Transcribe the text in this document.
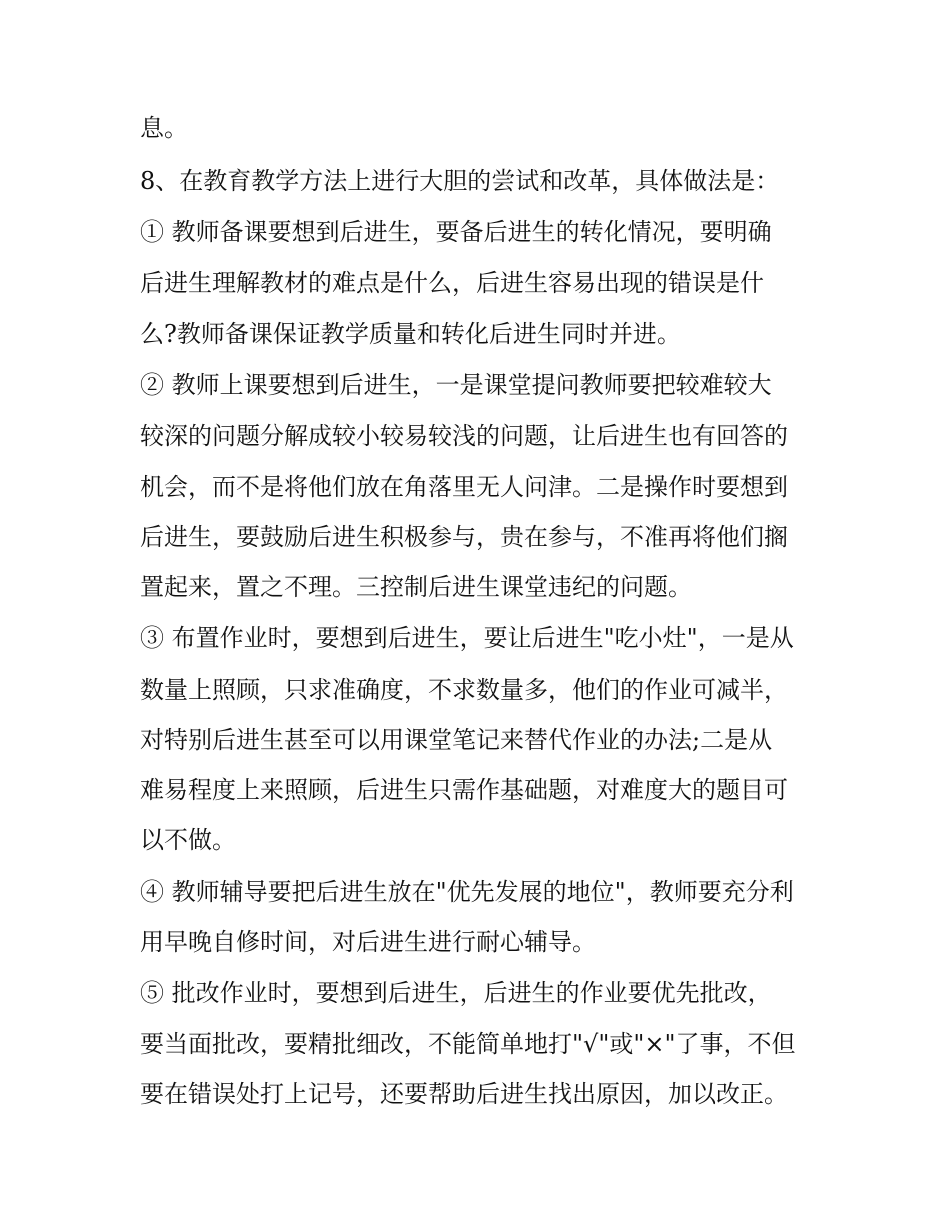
息。
8、在教育教学方法上进行大胆的尝试和改革，具体做法是：
① 教师备课要想到后进生，要备后进生的转化情况，要明确
后进生理解教材的难点是什么，后进生容易出现的错误是什
么?教师备课保证教学质量和转化后进生同时并进。
② 教师上课要想到后进生，一是课堂提问教师要把较难较大
较深的问题分解成较小较易较浅的问题，让后进生也有回答的
机会，而不是将他们放在角落里无人问津。二是操作时要想到
后进生，要鼓励后进生积极参与，贵在参与，不准再将他们搁
置起来，置之不理。三控制后进生课堂违纪的问题。
③ 布置作业时，要想到后进生，要让后进生"吃小灶"，一是从
数量上照顾，只求准确度，不求数量多，他们的作业可减半，
对特别后进生甚至可以用课堂笔记来替代作业的办法;二是从
难易程度上来照顾，后进生只需作基础题，对难度大的题目可
以不做。
④ 教师辅导要把后进生放在"优先发展的地位"，教师要充分利
用早晚自修时间，对后进生进行耐心辅导。
⑤ 批改作业时，要想到后进生，后进生的作业要优先批改，
要当面批改，要精批细改，不能简单地打"√"或"×"了事，不但
要在错误处打上记号，还要帮助后进生找出原因，加以改正。
